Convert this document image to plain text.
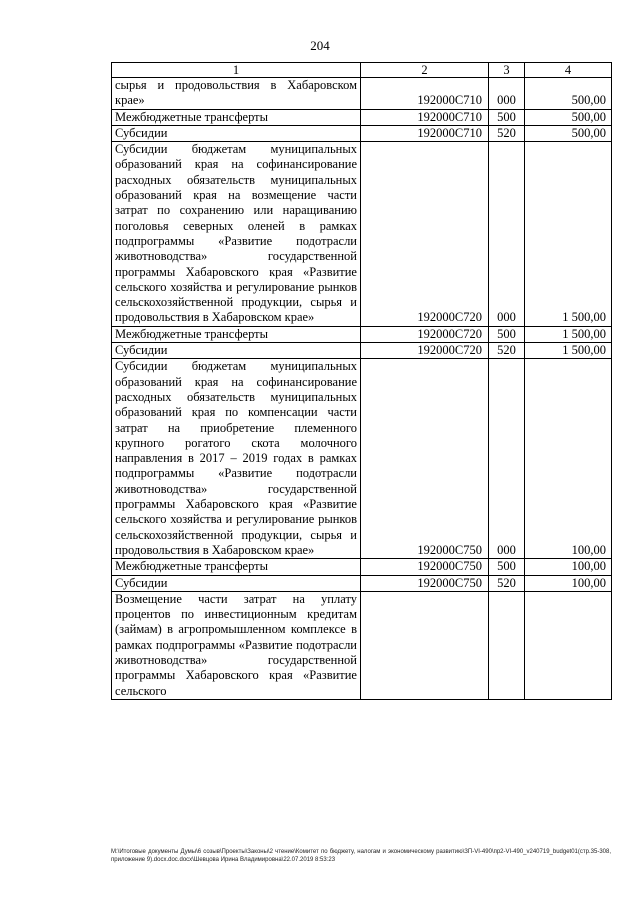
204
1	2	3	4
сырья и продовольствия в Хабаровском крае»	192000С710	000	500,00
Межбюджетные трансферты	192000С710	500	500,00
Субсидии	192000С710	520	500,00
Субсидии бюджетам муниципальных образований края на софинансирование расходных обязательств муниципальных образований края на возмещение части затрат по сохранению или наращиванию поголовья северных оленей в рамках подпрограммы «Развитие подотрасли животноводства» государственной программы Хабаровского края «Развитие сельского хозяйства и регулирование рынков сельскохозяйственной продукции, сырья и продовольствия в Хабаровском крае»	192000С720	000	1 500,00
Межбюджетные трансферты	192000С720	500	1 500,00
Субсидии	192000С720	520	1 500,00
Субсидии бюджетам муниципальных образований края на софинансирование расходных обязательств муниципальных образований края по компенсации части затрат на приобретение племенного крупного рогатого скота молочного направления в 2017 – 2019 годах в рамках подпрограммы «Развитие подотрасли животноводства» государственной программы Хабаровского края «Развитие сельского хозяйства и регулирование рынков сельскохозяйственной продукции, сырья и продовольствия в Хабаровском крае»	192000С750	000	100,00
Межбюджетные трансферты	192000С750	500	100,00
Субсидии	192000С750	520	100,00
Возмещение части затрат на уплату процентов по инвестиционным кредитам (займам) в агропромышленном комплексе в рамках подпрограммы «Развитие подотрасли животноводства» государственной программы Хабаровского края «Развитие сельского			
M:\Итоговые документы Думы\6 созыв\Проекты\Законы\2 чтение\Комитет по бюджету, налогам и экономическому развитию\ЗП-VI-490\пр2-VI-490_v240719_budget01(стр.35-308, приложение 9).docx.doc.docx\Шевцова Ирина Владимировна\22.07.2019 8:53:23
